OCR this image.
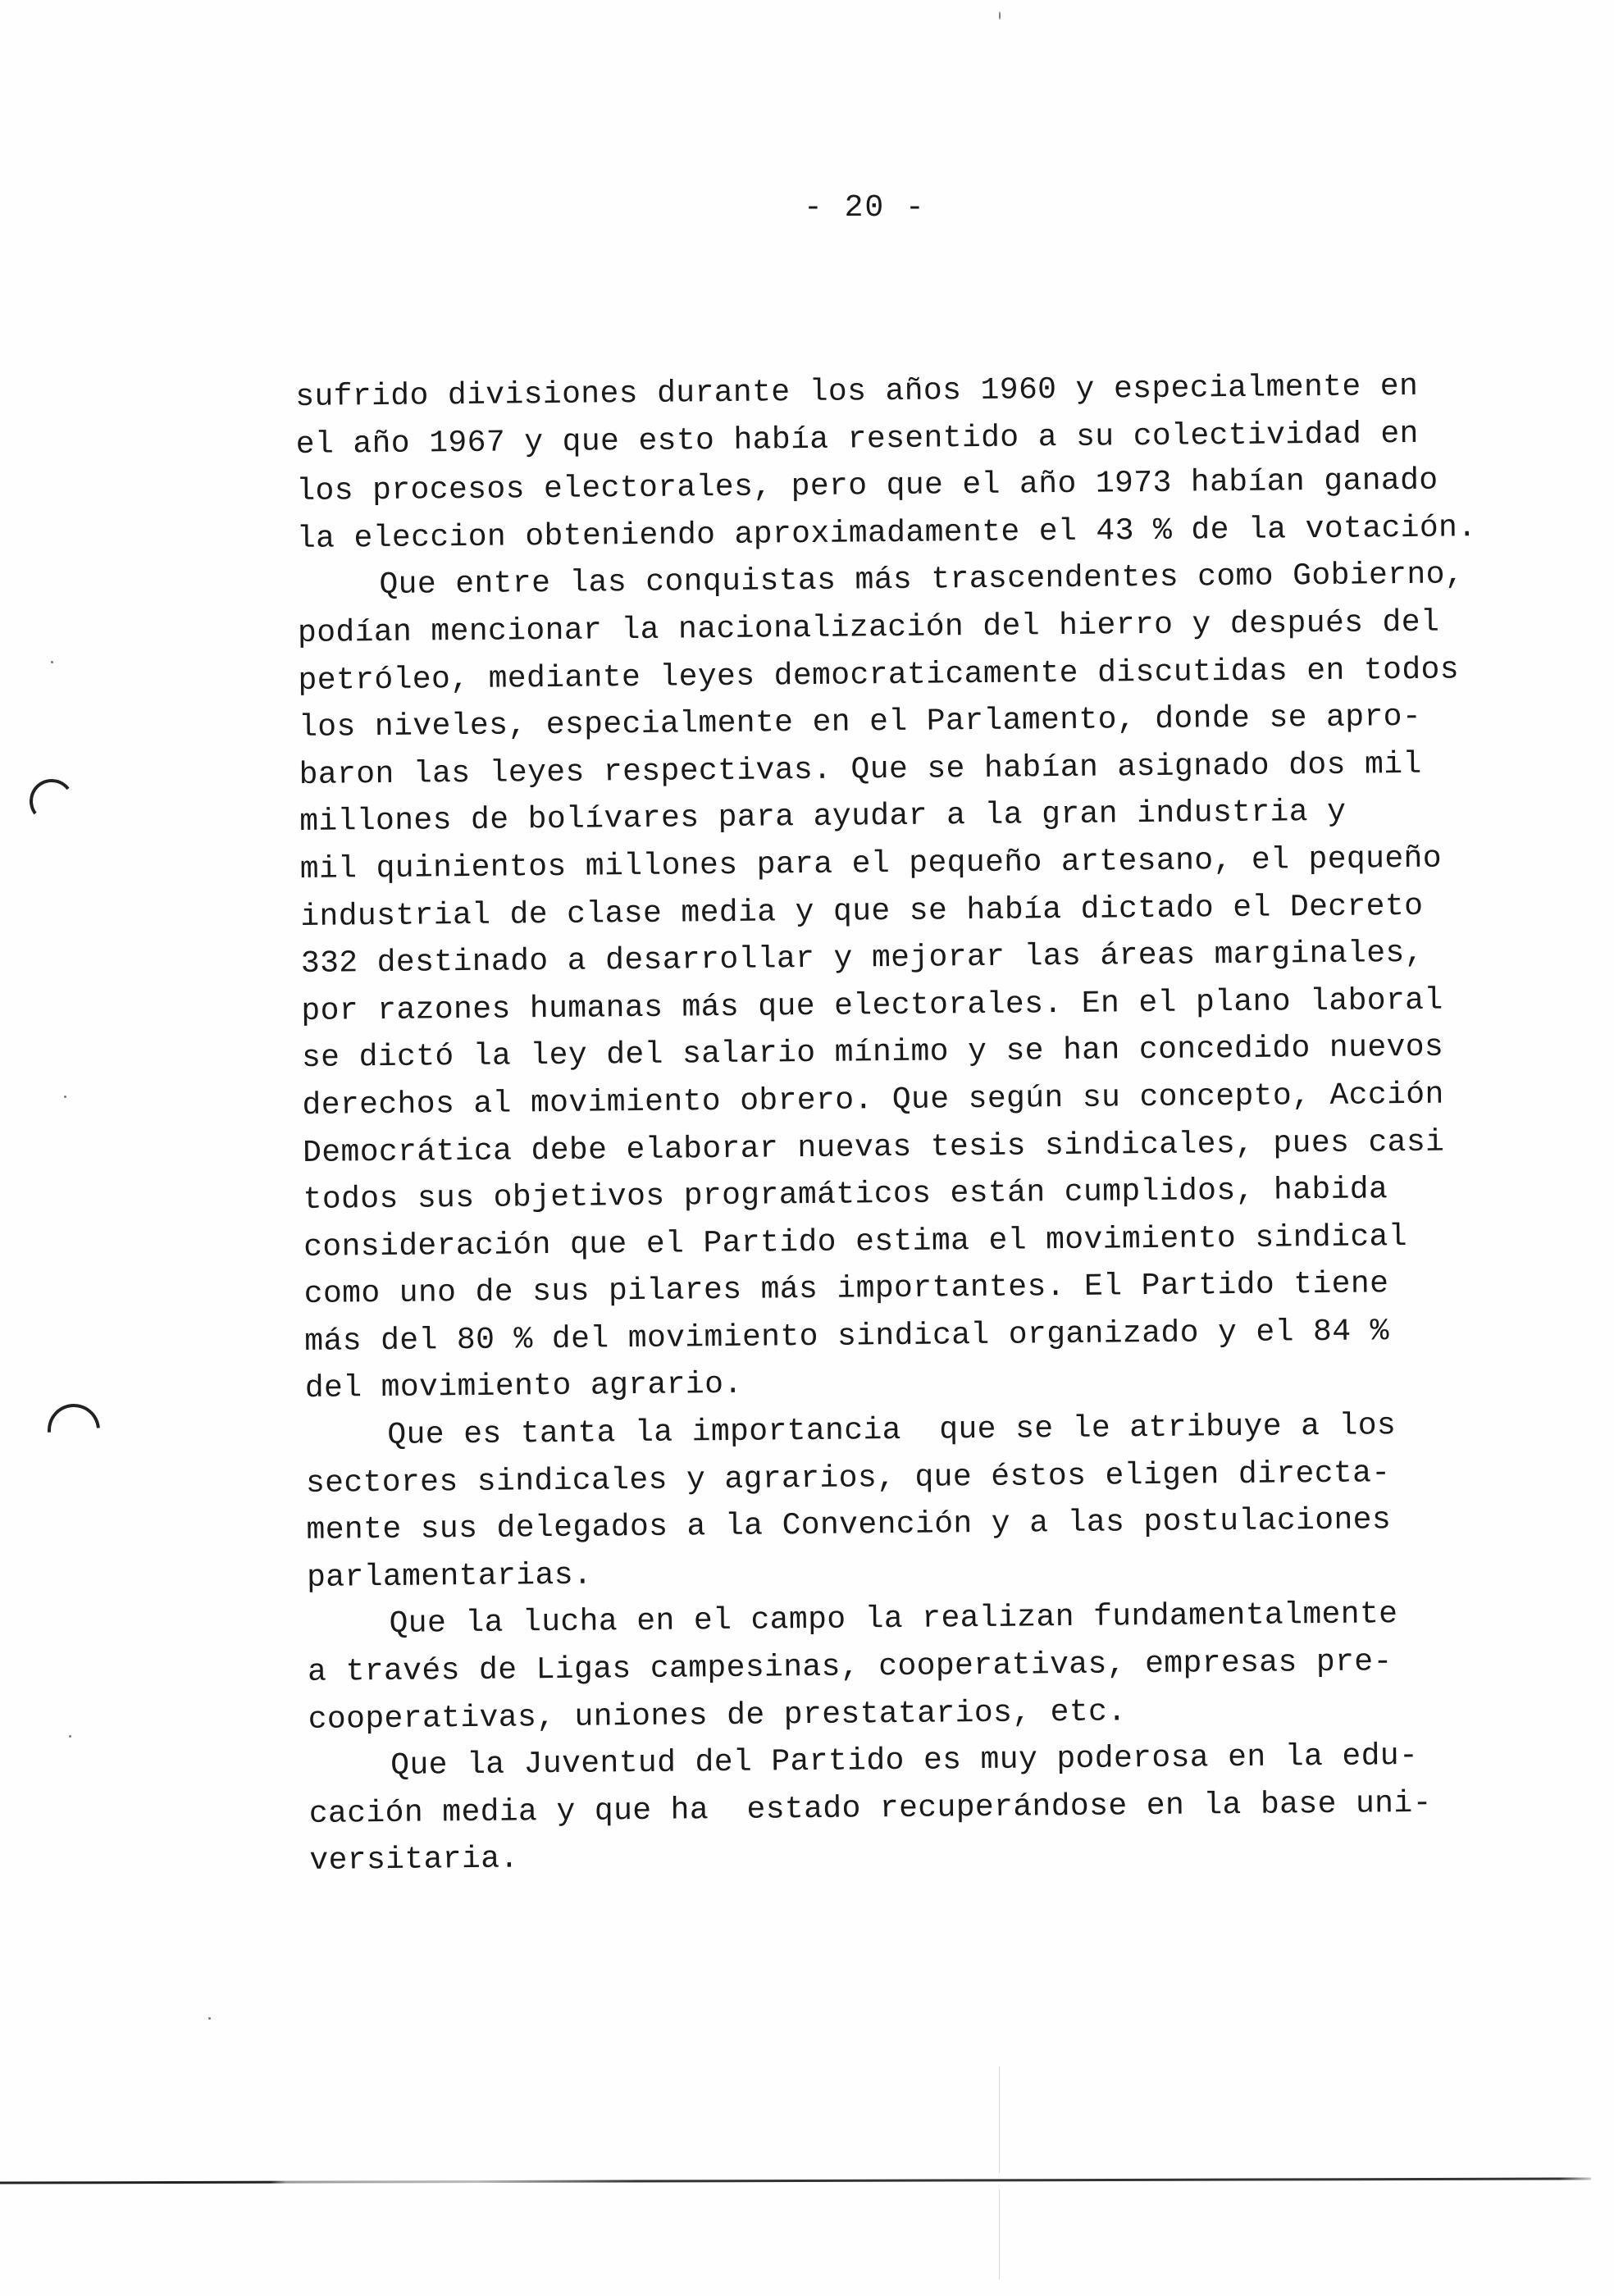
- 20 -
sufrido divisiones durante los años 1960 y especialmente en
el año 1967 y que esto había resentido a su colectividad en
los procesos electorales, pero que el año 1973 habían ganado
la eleccion obteniendo aproximadamente el 43 % de la votación.
Que entre las conquistas más trascendentes como Gobierno,
podían mencionar la nacionalización del hierro y después del
petróleo, mediante leyes democraticamente discutidas en todos
los niveles, especialmente en el Parlamento, donde se apro-
baron las leyes respectivas. Que se habían asignado dos mil
millones de bolívares para ayudar a la gran industria y
mil quinientos millones para el pequeño artesano, el pequeño
industrial de clase media y que se había dictado el Decreto
332 destinado a desarrollar y mejorar las áreas marginales,
por razones humanas más que electorales. En el plano laboral
se dictó la ley del salario mínimo y se han concedido nuevos
derechos al movimiento obrero. Que según su concepto, Acción
Democrática debe elaborar nuevas tesis sindicales, pues casi
todos sus objetivos programáticos están cumplidos, habida
consideración que el Partido estima el movimiento sindical
como uno de sus pilares más importantes. El Partido tiene
más del 80 % del movimiento sindical organizado y el 84 %
del movimiento agrario.
Que es tanta la importancia  que se le atribuye a los
sectores sindicales y agrarios, que éstos eligen directa-
mente sus delegados a la Convención y a las postulaciones
parlamentarias.
Que la lucha en el campo la realizan fundamentalmente
a través de Ligas campesinas, cooperativas, empresas pre-
cooperativas, uniones de prestatarios, etc.
Que la Juventud del Partido es muy poderosa en la edu-
cación media y que ha  estado recuperándose en la base uni-
versitaria.
